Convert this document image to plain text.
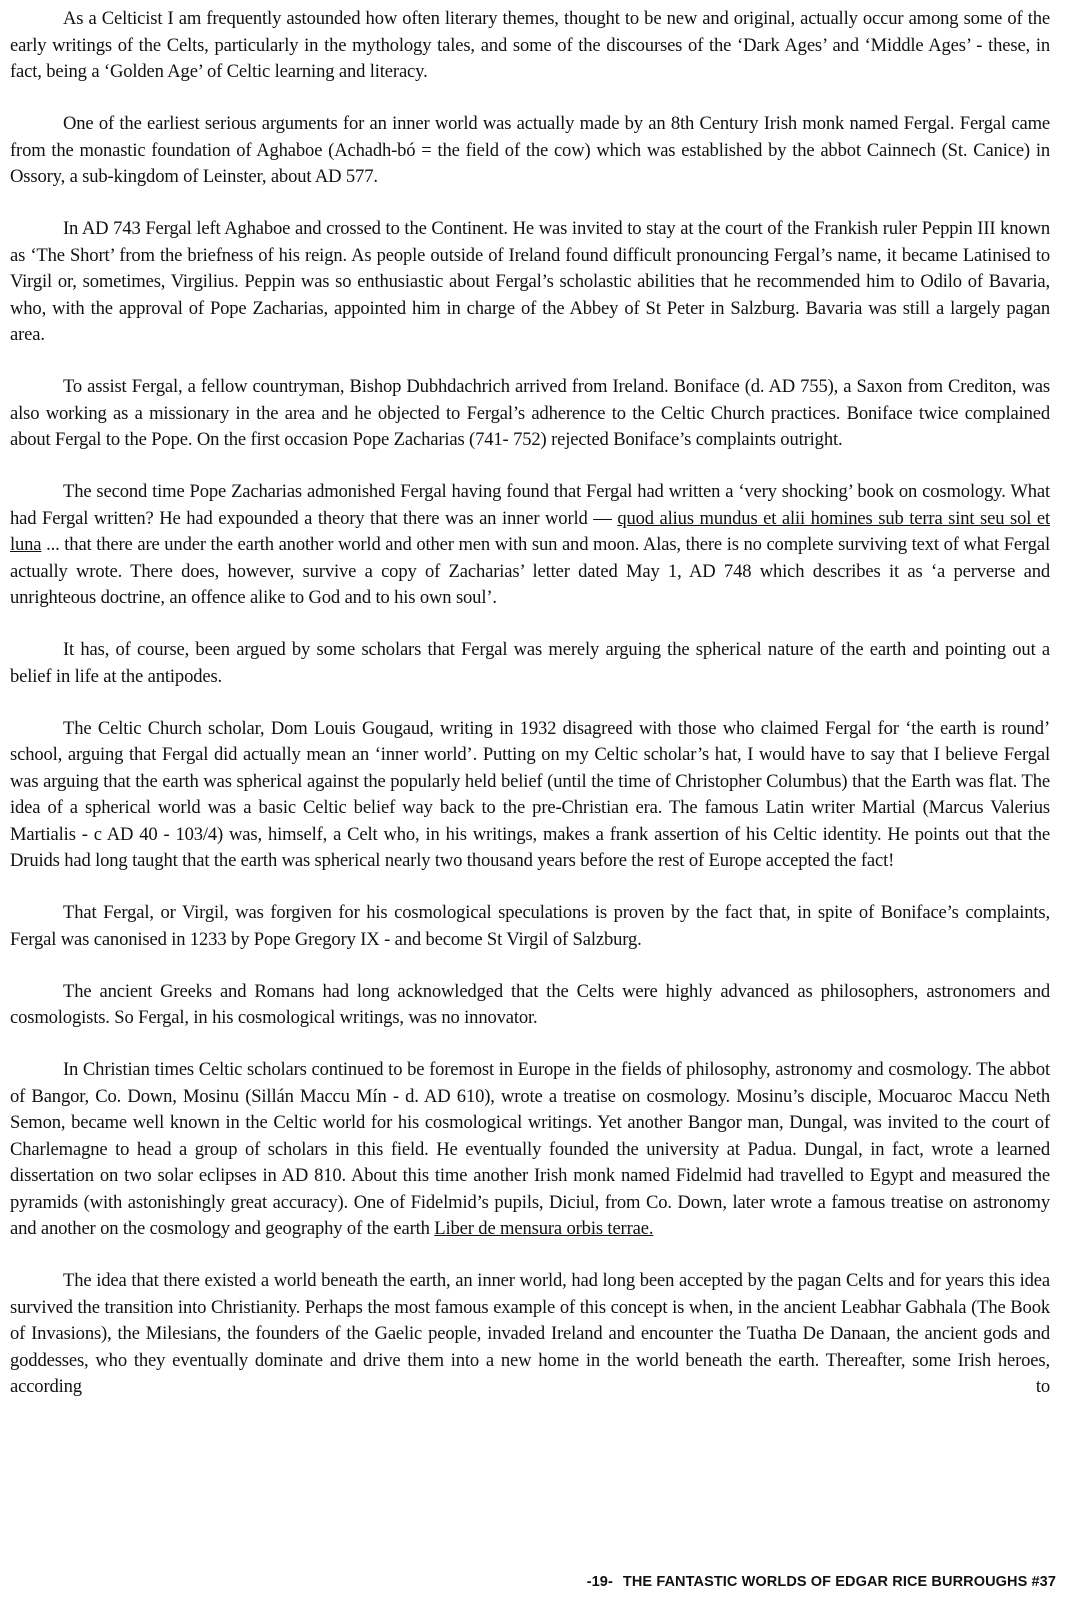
As a Celticist I am frequently astounded how often literary themes, thought to be new and original, actually occur among some of the early writings of the Celts, particularly in the mythology tales, and some of the discourses of the ‘Dark Ages’ and ‘Middle Ages’ - these, in fact, being a ‘Golden Age’ of Celtic learning and literacy.

One of the earliest serious arguments for an inner world was actually made by an 8th Century Irish monk named Fergal. Fergal came from the monastic foundation of Aghaboe (Achadh-bó = the field of the cow) which was established by the abbot Cainnech (St. Canice) in Ossory, a sub-kingdom of Leinster, about AD 577.

In AD 743 Fergal left Aghaboe and crossed to the Continent. He was invited to stay at the court of the Frankish ruler Peppin III known as ‘The Short’ from the briefness of his reign. As people outside of Ireland found difficult pronouncing Fergal’s name, it became Latinised to Virgil or, sometimes, Virgilius. Peppin was so enthusiastic about Fergal’s scholastic abilities that he recommended him to Odilo of Bavaria, who, with the approval of Pope Zacharias, appointed him in charge of the Abbey of St Peter in Salzburg. Bavaria was still a largely pagan area.

To assist Fergal, a fellow countryman, Bishop Dubhdachrich arrived from Ireland. Boniface (d. AD 755), a Saxon from Crediton, was also working as a missionary in the area and he objected to Fergal’s adherence to the Celtic Church practices. Boniface twice complained about Fergal to the Pope. On the first occasion Pope Zacharias (741- 752) rejected Boniface’s complaints outright.

The second time Pope Zacharias admonished Fergal having found that Fergal had written a ‘very shocking’ book on cosmology. What had Fergal written? He had expounded a theory that there was an inner world — quod alius mundus et alii homines sub terra sint seu sol et luna ... that there are under the earth another world and other men with sun and moon. Alas, there is no complete surviving text of what Fergal actually wrote. There does, however, survive a copy of Zacharias’ letter dated May 1, AD 748 which describes it as ‘a perverse and unrighteous doctrine, an offence alike to God and to his own soul’.

It has, of course, been argued by some scholars that Fergal was merely arguing the spherical nature of the earth and pointing out a belief in life at the antipodes.

The Celtic Church scholar, Dom Louis Gougaud, writing in 1932 disagreed with those who claimed Fergal for ‘the earth is round’ school, arguing that Fergal did actually mean an ‘inner world’. Putting on my Celtic scholar’s hat, I would have to say that I believe Fergal was arguing that the earth was spherical against the popularly held belief (until the time of Christopher Columbus) that the Earth was flat. The idea of a spherical world was a basic Celtic belief way back to the pre-Christian era. The famous Latin writer Martial (Marcus Valerius Martialis - c AD 40 - 103/4) was, himself, a Celt who, in his writings, makes a frank assertion of his Celtic identity. He points out that the Druids had long taught that the earth was spherical nearly two thousand years before the rest of Europe accepted the fact!

That Fergal, or Virgil, was forgiven for his cosmological speculations is proven by the fact that, in spite of Boniface’s complaints, Fergal was canonised in 1233 by Pope Gregory IX - and become St Virgil of Salzburg.

The ancient Greeks and Romans had long acknowledged that the Celts were highly advanced as philosophers, astronomers and cosmologists. So Fergal, in his cosmological writings, was no innovator.

In Christian times Celtic scholars continued to be foremost in Europe in the fields of philosophy, astronomy and cosmology. The abbot of Bangor, Co. Down, Mosinu (Sillán Maccu Mín - d. AD 610), wrote a treatise on cosmology. Mosinu’s disciple, Mocuaroc Maccu Neth Semon, became well known in the Celtic world for his cosmological writings. Yet another Bangor man, Dungal, was invited to the court of Charlemagne to head a group of scholars in this field. He eventually founded the university at Padua. Dungal, in fact, wrote a learned dissertation on two solar eclipses in AD 810. About this time another Irish monk named Fidelmid had travelled to Egypt and measured the pyramids (with astonishingly great accuracy). One of Fidelmid’s pupils, Diciul, from Co. Down, later wrote a famous treatise on astronomy and another on the cosmology and geography of the earth Liber de mensura orbis terrae.

The idea that there existed a world beneath the earth, an inner world, had long been accepted by the pagan Celts and for years this idea survived the transition into Christianity. Perhaps the most famous example of this concept is when, in the ancient Leabhar Gabhala (The Book of Invasions), the Milesians, the founders of the Gaelic people, invaded Ireland and encounter the Tuatha De Danaan, the ancient gods and goddesses, who they eventually dominate and drive them into a new home in the world beneath the earth. Thereafter, some Irish heroes, according to

-19- THE FANTASTIC WORLDS OF EDGAR RICE BURROUGHS #37
